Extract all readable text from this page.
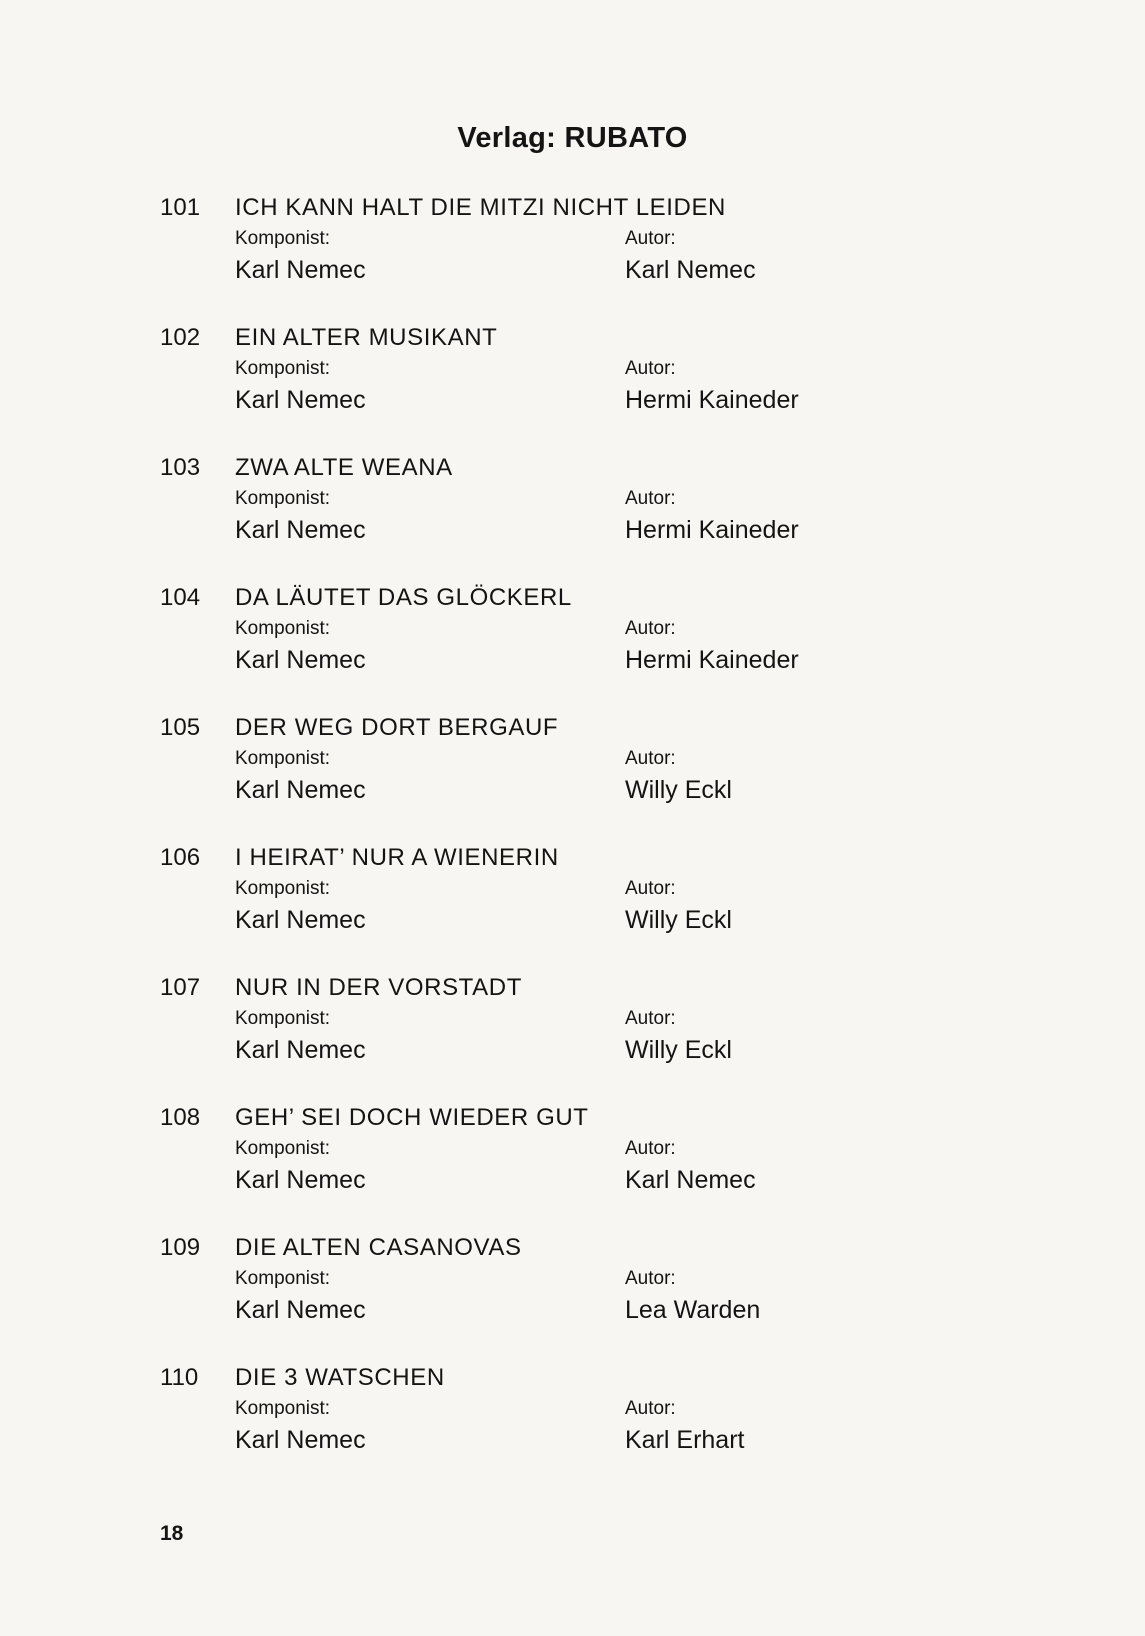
Verlag: RUBATO
101 ICH KANN HALT DIE MITZI NICHT LEIDEN
Komponist:	Autor:
Karl Nemec	Karl Nemec
102 EIN ALTER MUSIKANT
Komponist:	Autor:
Karl Nemec	Hermi Kaineder
103 ZWA ALTE WEANA
Komponist:	Autor:
Karl Nemec	Hermi Kaineder
104 DA LÄUTET DAS GLÖCKERL
Komponist:	Autor:
Karl Nemec	Hermi Kaineder
105 DER WEG DORT BERGAUF
Komponist:	Autor:
Karl Nemec	Willy Eckl
106 I HEIRAT’ NUR A WIENERIN
Komponist:	Autor:
Karl Nemec	Willy Eckl
107 NUR IN DER VORSTADT
Komponist:	Autor:
Karl Nemec	Willy Eckl
108 GEH’ SEI DOCH WIEDER GUT
Komponist:	Autor:
Karl Nemec	Karl Nemec
109 DIE ALTEN CASANOVAS
Komponist:	Autor:
Karl Nemec	Lea Warden
110 DIE 3 WATSCHEN
Komponist:	Autor:
Karl Nemec	Karl Erhart
18
